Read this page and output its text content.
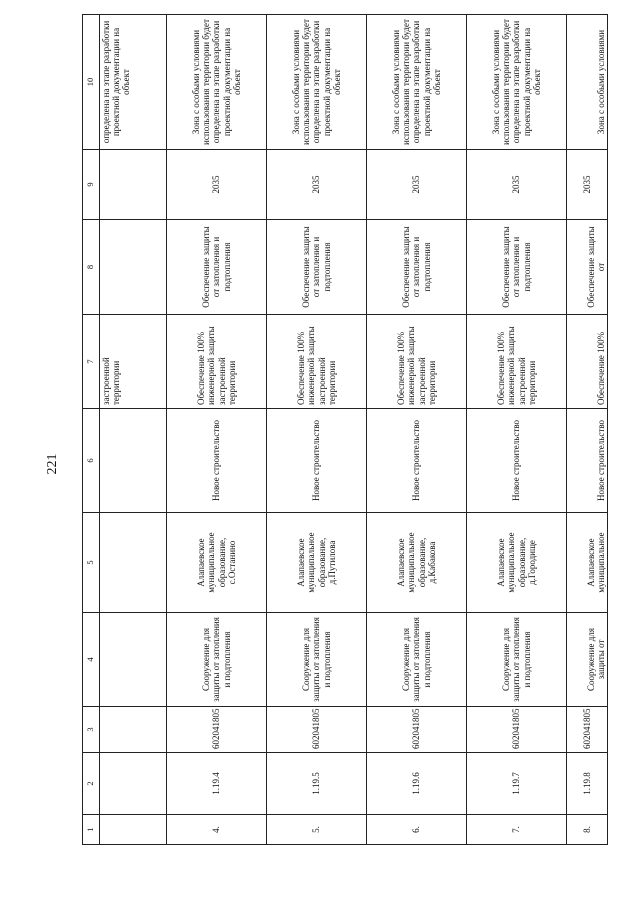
221
1	2	3	4	5	6	7	8	9	10
						застроенной территории			определена на этапе разработки проектной документации на объект
4.	1.19.4	602041805	Сооружение для защиты от затопления и подтопления	Алапаевское муниципальное образование, с.Останино	Новое строительство	Обеспечение 100% инженерной защиты застроенной территории	Обеспечение защиты от затопления и подтопления	2035	Зона с особыми условиями использования территории будет определена на этапе разработки проектной документации на объект
5.	1.19.5	602041805	Сооружение для защиты от затопления и подтопления	Алапаевское муниципальное образование, д.Путилова	Новое строительство	Обеспечение 100% инженерной защиты застроенной территории	Обеспечение защиты от затопления и подтопления	2035	Зона с особыми условиями использования территории будет определена на этапе разработки проектной документации на объект
6.	1.19.6	602041805	Сооружение для защиты от затопления и подтопления	Алапаевское муниципальное образование, д.Кабакова	Новое строительство	Обеспечение 100% инженерной защиты застроенной территории	Обеспечение защиты от затопления и подтопления	2035	Зона с особыми условиями использования территории будет определена на этапе разработки проектной документации на объект
7.	1.19.7	602041805	Сооружение для защиты от затопления и подтопления	Алапаевское муниципальное образование, д.Городище	Новое строительство	Обеспечение 100% инженерной защиты застроенной территории	Обеспечение защиты от затопления и подтопления	2035	Зона с особыми условиями использования территории будет определена на этапе разработки проектной документации на объект
8.	1.19.8	602041805	Сооружение для защиты от	Алапаевское муниципальное	Новое строительство	Обеспечение 100%	Обеспечение защиты от	2035	Зона с особыми условиями
